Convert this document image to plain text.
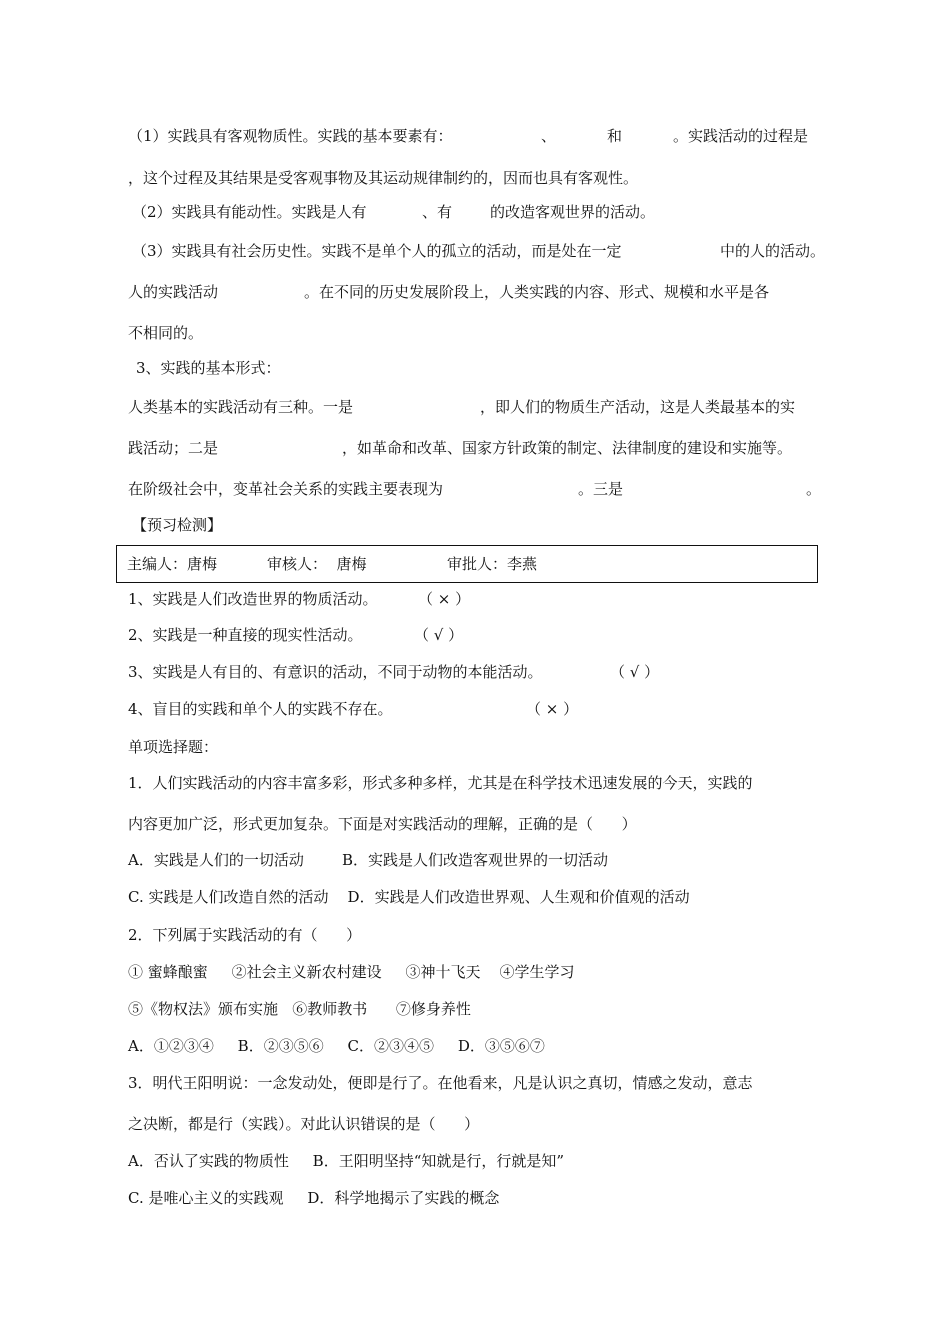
（1）实践具有客观物质性。实践的基本要素有：	、	和	。实践活动的过程是
，这个过程及其结果是受客观事物及其运动规律制约的，因而也具有客观性。
（2）实践具有能动性。实践是人有	、有	的改造客观世界的活动。
（3）实践具有社会历史性。实践不是单个人的孤立的活动，而是处在一定	中的人的活动。
人的实践活动	。在不同的历史发展阶段上，人类实践的内容、形式、规模和水平是各
不相同的。
3、实践的基本形式：
人类基本的实践活动有三种。一是	，即人们的物质生产活动，这是人类最基本的实
践活动；二是	，如革命和改革、国家方针政策的制定、法律制度的建设和实施等。
在阶级社会中，变革社会关系的实践主要表现为	。三是	。
【预习检测】
主编人：唐梅	审核人：  唐梅	审批人：李燕
1、实践是人们改造世界的物质活动。	（ × ）
2、实践是一种直接的现实性活动。	（ √ ）
3、实践是人有目的、有意识的活动，不同于动物的本能活动。	（ √ ）
4、盲目的实践和单个人的实践不存在。	（ × ）
单项选择题：
1．人们实践活动的内容丰富多彩，形式多种多样，尤其是在科学技术迅速发展的今天，实践的
内容更加广泛，形式更加复杂。下面是对实践活动的理解，正确的是（      ）
A．实践是人们的一切活动        B．实践是人们改造客观世界的一切活动
C. 实践是人们改造自然的活动    D．实践是人们改造世界观、人生观和价值观的活动
2．下列属于实践活动的有（      ）
① 蜜蜂酿蜜     ②社会主义新农村建设     ③神十飞天    ④学生学习
⑤《物权法》颁布实施   ⑥教师教书      ⑦修身养性
A．①②③④     B．②③⑤⑥     C．②③④⑤     D．③⑤⑥⑦
3．明代王阳明说：一念发动处，便即是行了。在他看来，凡是认识之真切，情感之发动，意志
之决断，都是行（实践）。对此认识错误的是（      ）
A．否认了实践的物质性     B．王阳明坚持“知就是行，行就是知”
C. 是唯心主义的实践观     D．科学地揭示了实践的概念
